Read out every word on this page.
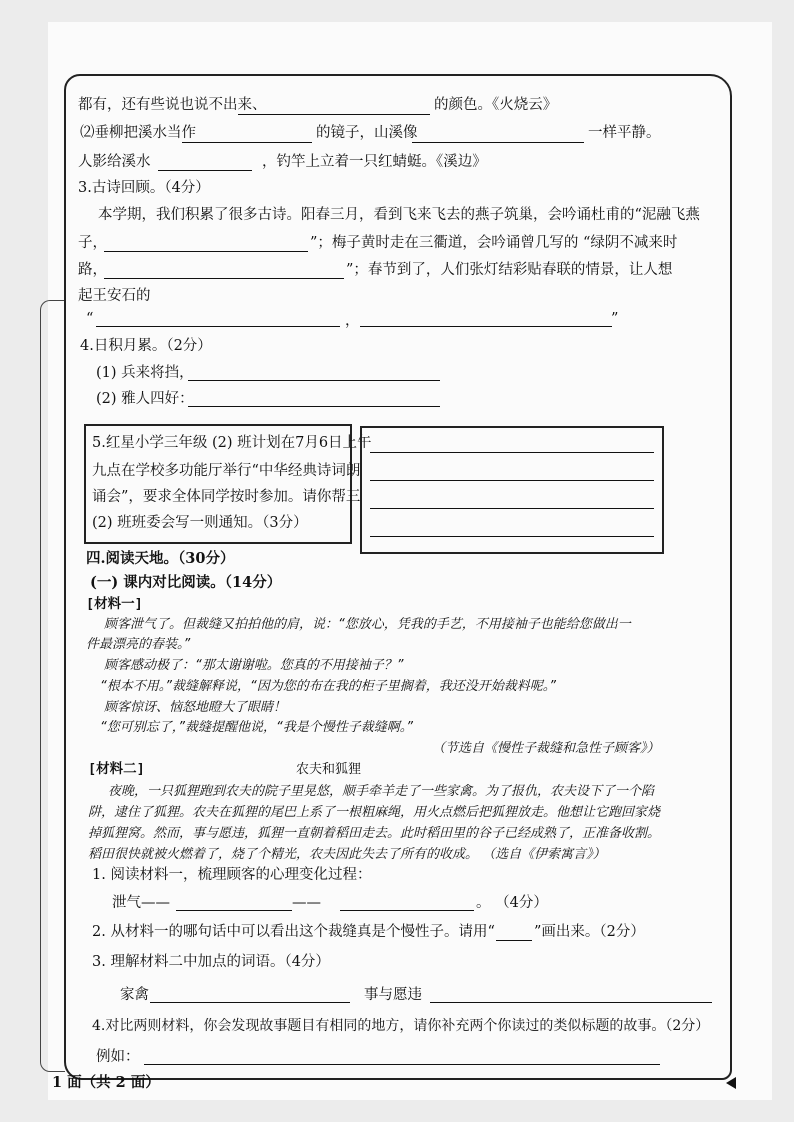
都有，还有些说也说不出来、	的颜色。《火烧云》
⑵垂柳把溪水当作	的镜子，山溪像	一样平静。
人影给溪水	，钓竿上立着一只红蜻蜓。《溪边》
3.古诗回顾。（4分）
本学期，我们积累了很多古诗。阳春三月，看到飞来飞去的燕子筑巢，会吟诵杜甫的“泥融飞燕
子，	”；梅子黄时走在三衢道，会吟诵曾几写的 “绿阴不减来时
路，	”；春节到了，人们张灯结彩贴春联的情景，让人想
起王安石的
“	，	”
4.日积月累。（2分）
(1) 兵来将挡，
(2) 雅人四好：
5.红星小学三年级 (2) 班计划在7月6日上午
九点在学校多功能厅举行“中华经典诗词朗
诵会”，要求全体同学按时参加。请你帮三
(2) 班班委会写一则通知。（3分）
四.阅读天地。（30分）
(一) 课内对比阅读。（14分）
[材料一]
顾客泄气了。但裁缝又拍拍他的肩，说：“您放心，凭我的手艺，不用接袖子也能给您做出一
件最漂亮的春装。”
顾客感动极了：“那太谢谢啦。您真的不用接袖子？”
“根本不用。”裁缝解释说，“因为您的布在我的柜子里搁着，我还没开始裁料呢。”
顾客惊讶、恼怒地瞪大了眼睛！
“您可别忘了，”裁缝提醒他说，“我是个慢性子裁缝啊。”
（节选自《慢性子裁缝和急性子顾客》）
[材料二]	农夫和狐狸
夜晚，一只狐狸跑到农夫的院子里晃悠，顺手牵羊走了一些家禽。为了报仇，农夫设下了一个陷
阱，逮住了狐狸。农夫在狐狸的尾巴上系了一根粗麻绳，用火点燃后把狐狸放走。他想让它跑回家烧
掉狐狸窝。然而，事与愿违，狐狸一直朝着稻田走去。此时稻田里的谷子已经成熟了，正准备收割。
稻田很快就被火燃着了，烧了个精光，农夫因此失去了所有的收成。 （选自《伊索寓言》）
1. 阅读材料一，梳理顾客的心理变化过程：
泄气——	——	。 （4分）
2. 从材料一的哪句话中可以看出这个裁缝真是个慢性子。请用“	”画出来。（2分）
3. 理解材料二中加点的词语。（4分）
家禽	事与愿违
4.对比两则材料，你会发现故事题目有相同的地方，请你补充两个你读过的类似标题的故事。（2分）
例如：
1 面（共 2 面）
